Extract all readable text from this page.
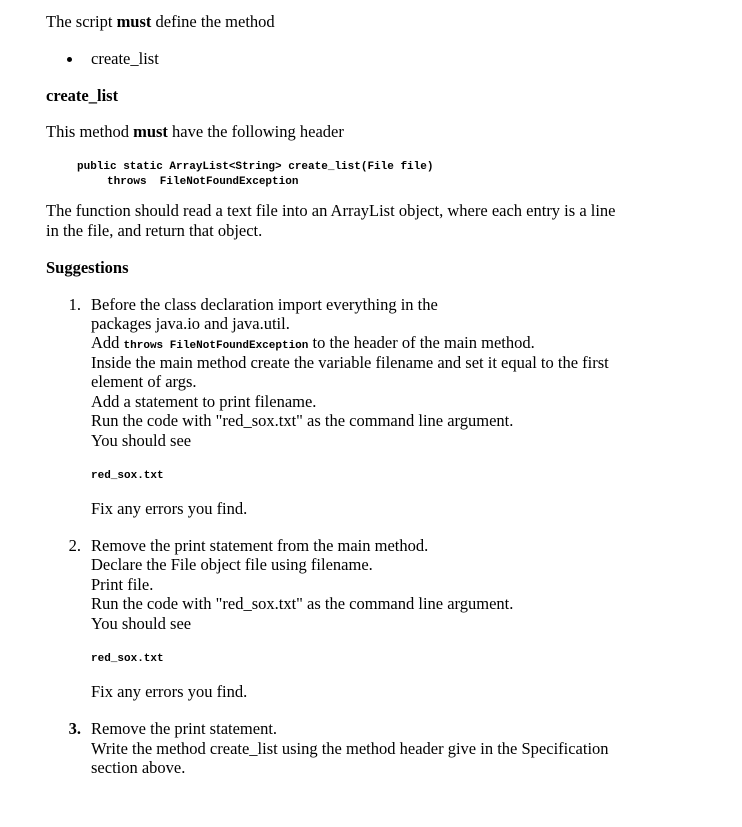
The script must define the method
create_list
create_list
This method must have the following header
public static ArrayList<String> create_list(File file)
throws  FileNotFoundException
The function should read a text file into an ArrayList object, where each entry is a line
in the file, and return that object.
Suggestions
1. Before the class declaration import everything in the
packages java.io and java.util.
Add throws FileNotFoundException to the header of the main method.
Inside the main method create the variable filename and set it equal to the first
element of args.
Add a statement to print filename.
Run the code with "red_sox.txt" as the command line argument.
You should see
red_sox.txt
Fix any errors you find.
2. Remove the print statement from the main method.
Declare the File object file using filename.
Print file.
Run the code with "red_sox.txt" as the command line argument.
You should see
red_sox.txt
Fix any errors you find.
3. Remove the print statement.
Write the method create_list using the method header give in the Specification
section above.
